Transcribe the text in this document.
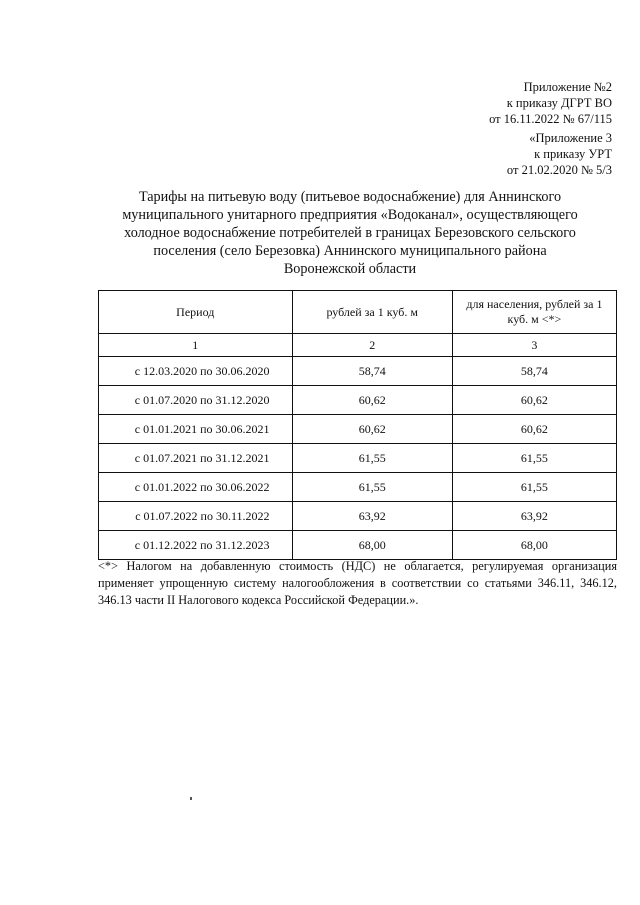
Приложение №2
к приказу ДГРТ ВО
от 16.11.2022 № 67/115
«Приложение 3
к приказу УРТ
от 21.02.2020 № 5/3
Тарифы на питьевую воду (питьевое водоснабжение) для Аннинского
муниципального унитарного предприятия «Водоканал», осуществляющего
холодное водоснабжение потребителей в границах Березовского сельского
поселения (село Березовка) Аннинского муниципального района
Воронежской области
Период	рублей за 1 куб. м	для населения, рублей за 1 куб. м <*>
1	2	3
с 12.03.2020 по 30.06.2020	58,74	58,74
с 01.07.2020 по 31.12.2020	60,62	60,62
с 01.01.2021 по 30.06.2021	60,62	60,62
с 01.07.2021 по 31.12.2021	61,55	61,55
с 01.01.2022 по 30.06.2022	61,55	61,55
с 01.07.2022 по 30.11.2022	63,92	63,92
с 01.12.2022 по 31.12.2023	68,00	68,00
<*> Налогом на добавленную стоимость (НДС) не облагается, регулируемая организация применяет упрощенную систему налогообложения в соответствии со статьями 346.11, 346.12, 346.13 части II Налогового кодекса Российской Федерации.».
